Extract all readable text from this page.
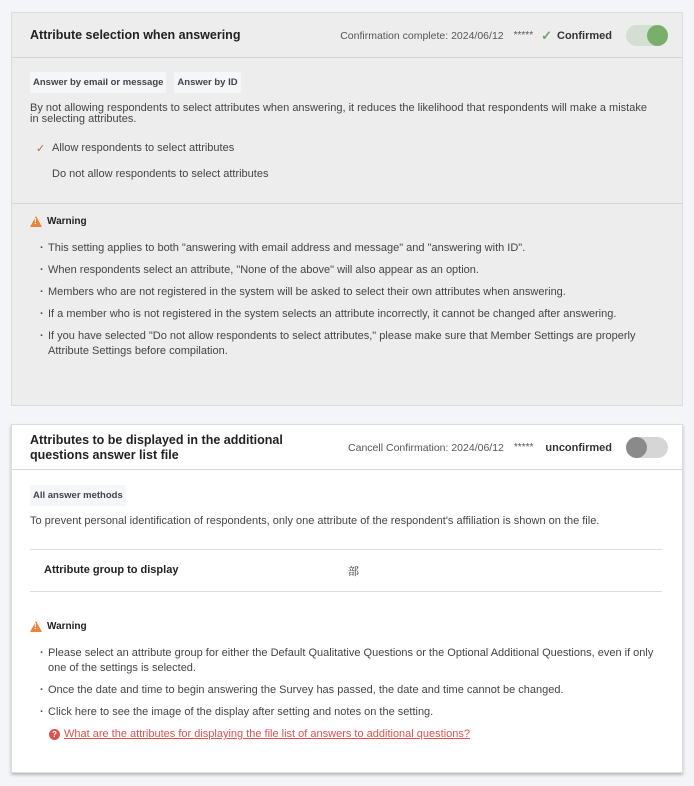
Attribute selection when answering	Confirmation complete: 2024/06/12 ***** ✓ Confirmed
Answer by email or message	Answer by ID
By not allowing respondents to select attributes when answering, it reduces the likelihood that respondents will make a mistake in selecting attributes.
✓ Allow respondents to select attributes
Do not allow respondents to select attributes
!
Warning
· This setting applies to both "answering with email address and message" and "answering with ID".
· When respondents select an attribute, "None of the above" will also appear as an option.
· Members who are not registered in the system will be asked to select their own attributes when answering.
· If a member who is not registered in the system selects an attribute incorrectly, it cannot be changed after answering.
· If you have selected "Do not allow respondents to select attributes," please make sure that Member Settings are properly Attribute Settings before compilation.
Attributes to be displayed in the additional questions answer list file
Cancell Confirmation: 2024/06/12 ***** unconfirmed
All answer methods
To prevent personal identification of respondents, only one attribute of the respondent's affiliation is shown on the file.
Attribute group to display	部
!
Warning
· Please select an attribute group for either the Default Qualitative Questions or the Optional Additional Questions, even if only one of the settings is selected.
· Once the date and time to begin answering the Survey has passed, the date and time cannot be changed.
· Click here to see the image of the display after setting and notes on the setting.
? What are the attributes for displaying the file list of answers to additional questions?
